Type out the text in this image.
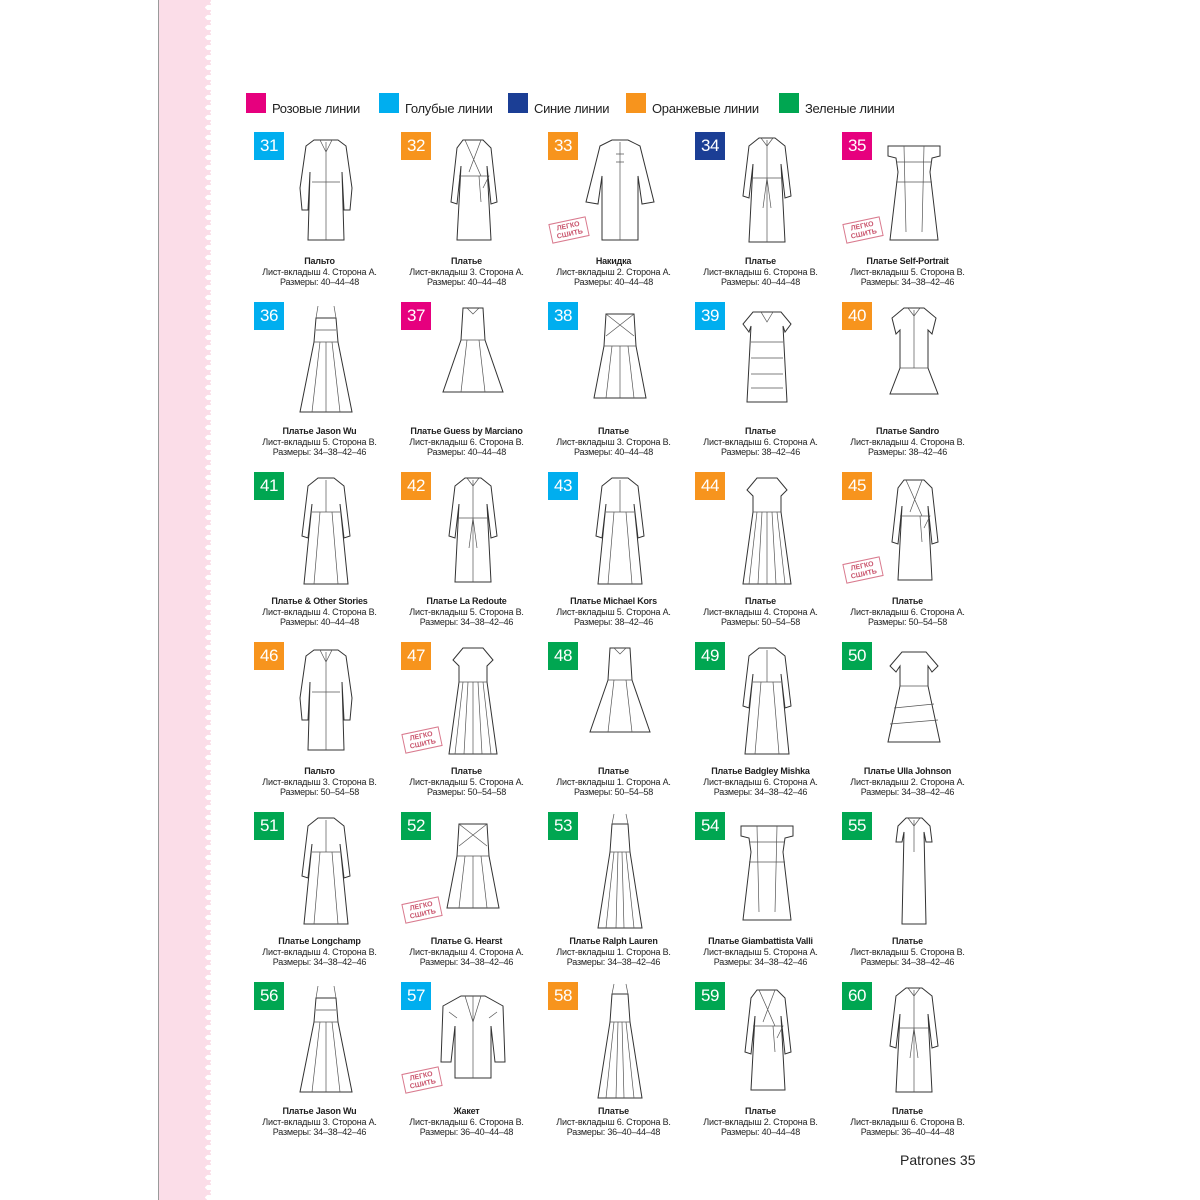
Розовые линии	Голубые линии	Синие линии	Оранжевые линии	Зеленые линии
31
Пальто
Лист-вкладыш 4. Сторона А.
Размеры: 40–44–48
32
Платье
Лист-вкладыш 3. Сторона А.
Размеры: 40–44–48
33
ЛЕГКО СШИТЬ
Накидка
Лист-вкладыш 2. Сторона А.
Размеры: 40–44–48
34
Платье
Лист-вкладыш 6. Сторона В.
Размеры: 40–44–48
35
ЛЕГКО СШИТЬ
Платье Self-Portrait
Лист-вкладыш 5. Сторона В.
Размеры: 34–38–42–46
36
Платье Jason Wu
Лист-вкладыш 5. Сторона В.
Размеры: 34–38–42–46
37
Платье Guess by Marciano
Лист-вкладыш 6. Сторона В.
Размеры: 40–44–48
38
Платье
Лист-вкладыш 3. Сторона В.
Размеры: 40–44–48
39
Платье
Лист-вкладыш 6. Сторона А.
Размеры: 38–42–46
40
Платье Sandro
Лист-вкладыш 4. Сторона В.
Размеры: 38–42–46
41
Платье & Other Stories
Лист-вкладыш 4. Сторона В.
Размеры: 40–44–48
42
Платье La Redoute
Лист-вкладыш 5. Сторона В.
Размеры: 34–38–42–46
43
Платье Michael Kors
Лист-вкладыш 5. Сторона А.
Размеры: 38–42–46
44
Платье
Лист-вкладыш 4. Сторона А.
Размеры: 50–54–58
45
ЛЕГКО СШИТЬ
Платье
Лист-вкладыш 6. Сторона А.
Размеры: 50–54–58
46
Пальто
Лист-вкладыш 3. Сторона В.
Размеры: 50–54–58
47
ЛЕГКО СШИТЬ
Платье
Лист-вкладыш 5. Сторона А.
Размеры: 50–54–58
48
Платье
Лист-вкладыш 1. Сторона А.
Размеры: 50–54–58
49
Платье Badgley Mishka
Лист-вкладыш 6. Сторона А.
Размеры: 34–38–42–46
50
Платье Ulla Johnson
Лист-вкладыш 2. Сторона А.
Размеры: 34–38–42–46
51
Платье Longchamp
Лист-вкладыш 4. Сторона В.
Размеры: 34–38–42–46
52
ЛЕГКО СШИТЬ
Платье G. Hearst
Лист-вкладыш 4. Сторона А.
Размеры: 34–38–42–46
53
Платье Ralph Lauren
Лист-вкладыш 1. Сторона В.
Размеры: 34–38–42–46
54
Платье Giambattista Valli
Лист-вкладыш 5. Сторона А.
Размеры: 34–38–42–46
55
Платье
Лист-вкладыш 5. Сторона В.
Размеры: 34–38–42–46
56
Платье Jason Wu
Лист-вкладыш 3. Сторона А.
Размеры: 34–38–42–46
57
ЛЕГКО СШИТЬ
Жакет
Лист-вкладыш 6. Сторона В.
Размеры: 36–40–44–48
58
Платье
Лист-вкладыш 6. Сторона В.
Размеры: 36–40–44–48
59
Платье
Лист-вкладыш 2. Сторона В.
Размеры: 40–44–48
60
Платье
Лист-вкладыш 6. Сторона В.
Размеры: 36–40–44–48
Patrones 35
